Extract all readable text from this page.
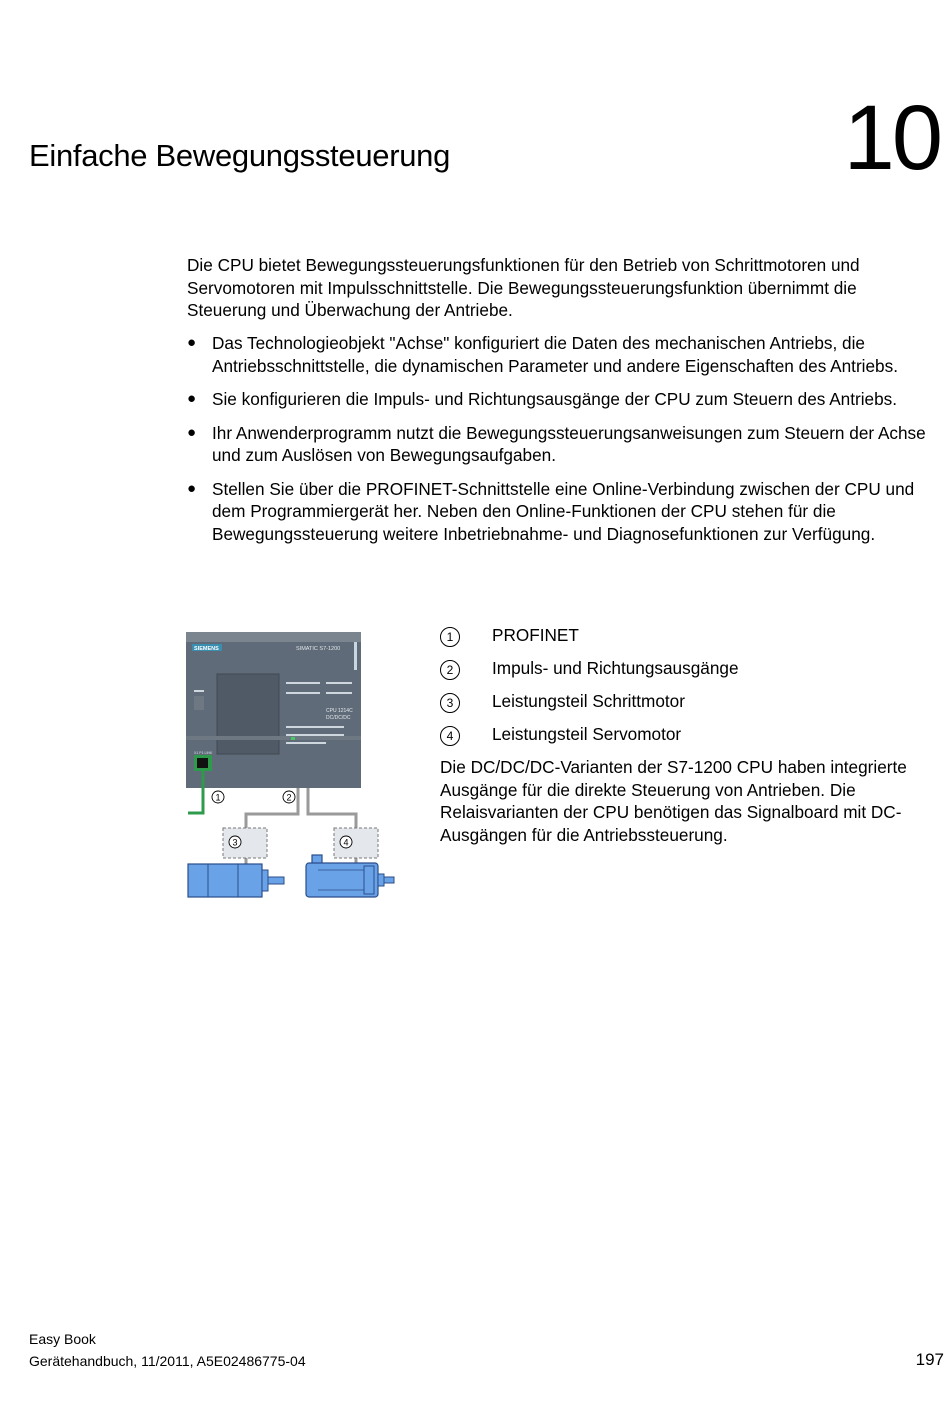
Einfache Bewegungssteuerung	10

Die CPU bietet Bewegungssteuerungsfunktionen für den Betrieb von Schrittmotoren und Servomotoren mit Impulsschnittstelle. Die Bewegungssteuerungsfunktion übernimmt die Steuerung und Überwachung der Antriebe.

● Das Technologieobjekt "Achse" konfiguriert die Daten des mechanischen Antriebs, die Antriebsschnittstelle, die dynamischen Parameter und andere Eigenschaften des Antriebs.
● Sie konfigurieren die Impuls- und Richtungsausgänge der CPU zum Steuern des Antriebs.
● Ihr Anwenderprogramm nutzt die Bewegungssteuerungsanweisungen zum Steuern der Achse und zum Auslösen von Bewegungsaufgaben.
● Stellen Sie über die PROFINET-Schnittstelle eine Online-Verbindung zwischen der CPU und dem Programmiergerät her. Neben den Online-Funktionen der CPU stehen für die Bewegungssteuerung weitere Inbetriebnahme- und Diagnosefunktionen zur Verfügung.
SIEMENS	SIMATIC S7-1200
CPU 1214C
DC/DC/DC
X1 P1 LINK
1	2
3	4
1	PROFINET
2	Impuls- und Richtungsausgänge
3	Leistungsteil Schrittmotor
4	Leistungsteil Servomotor

Die DC/DC/DC-Varianten der S7-1200 CPU haben integrierte Ausgänge für die direkte Steuerung von Antrieben. Die Relaisvarianten der CPU benötigen das Signalboard mit DC-Ausgängen für die Antriebssteuerung.

Easy Book
Gerätehandbuch, 11/2011, A5E02486775-04	197
